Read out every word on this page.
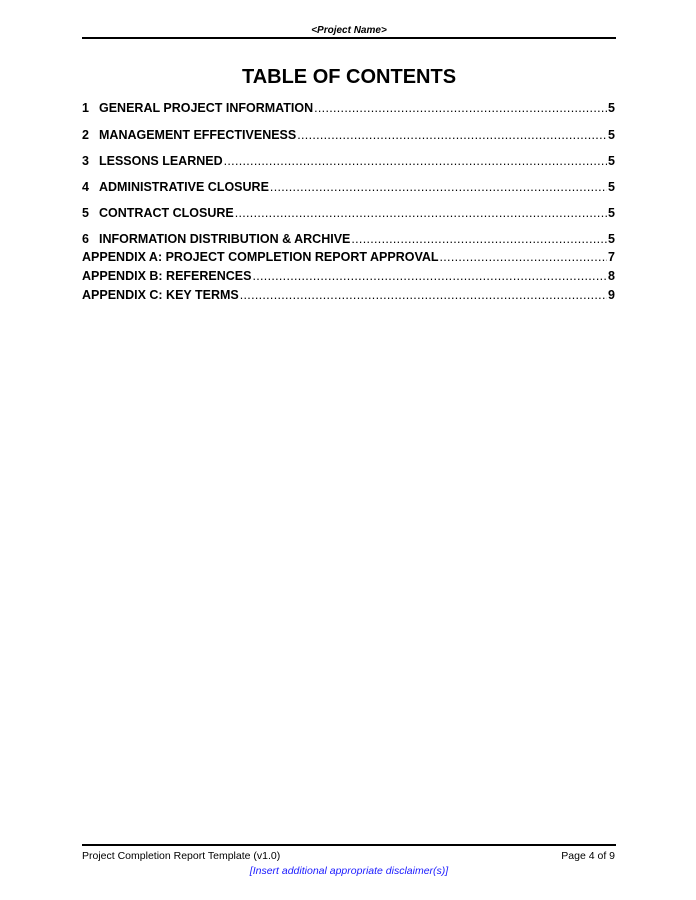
<Project Name>
TABLE OF CONTENTS
1 GENERAL PROJECT INFORMATION .....	5
2 MANAGEMENT EFFECTIVENESS .....	5
3 LESSONS LEARNED .....	5
4 ADMINISTRATIVE CLOSURE .....	5
5 CONTRACT CLOSURE .....	5
6 INFORMATION DISTRIBUTION & ARCHIVE .....	5
APPENDIX A: PROJECT COMPLETION REPORT APPROVAL .....	7
APPENDIX B: REFERENCES .....	8
APPENDIX C: KEY TERMS .....	9
Project Completion Report Template (v1.0)	Page 4 of 9
[Insert additional appropriate disclaimer(s)]
